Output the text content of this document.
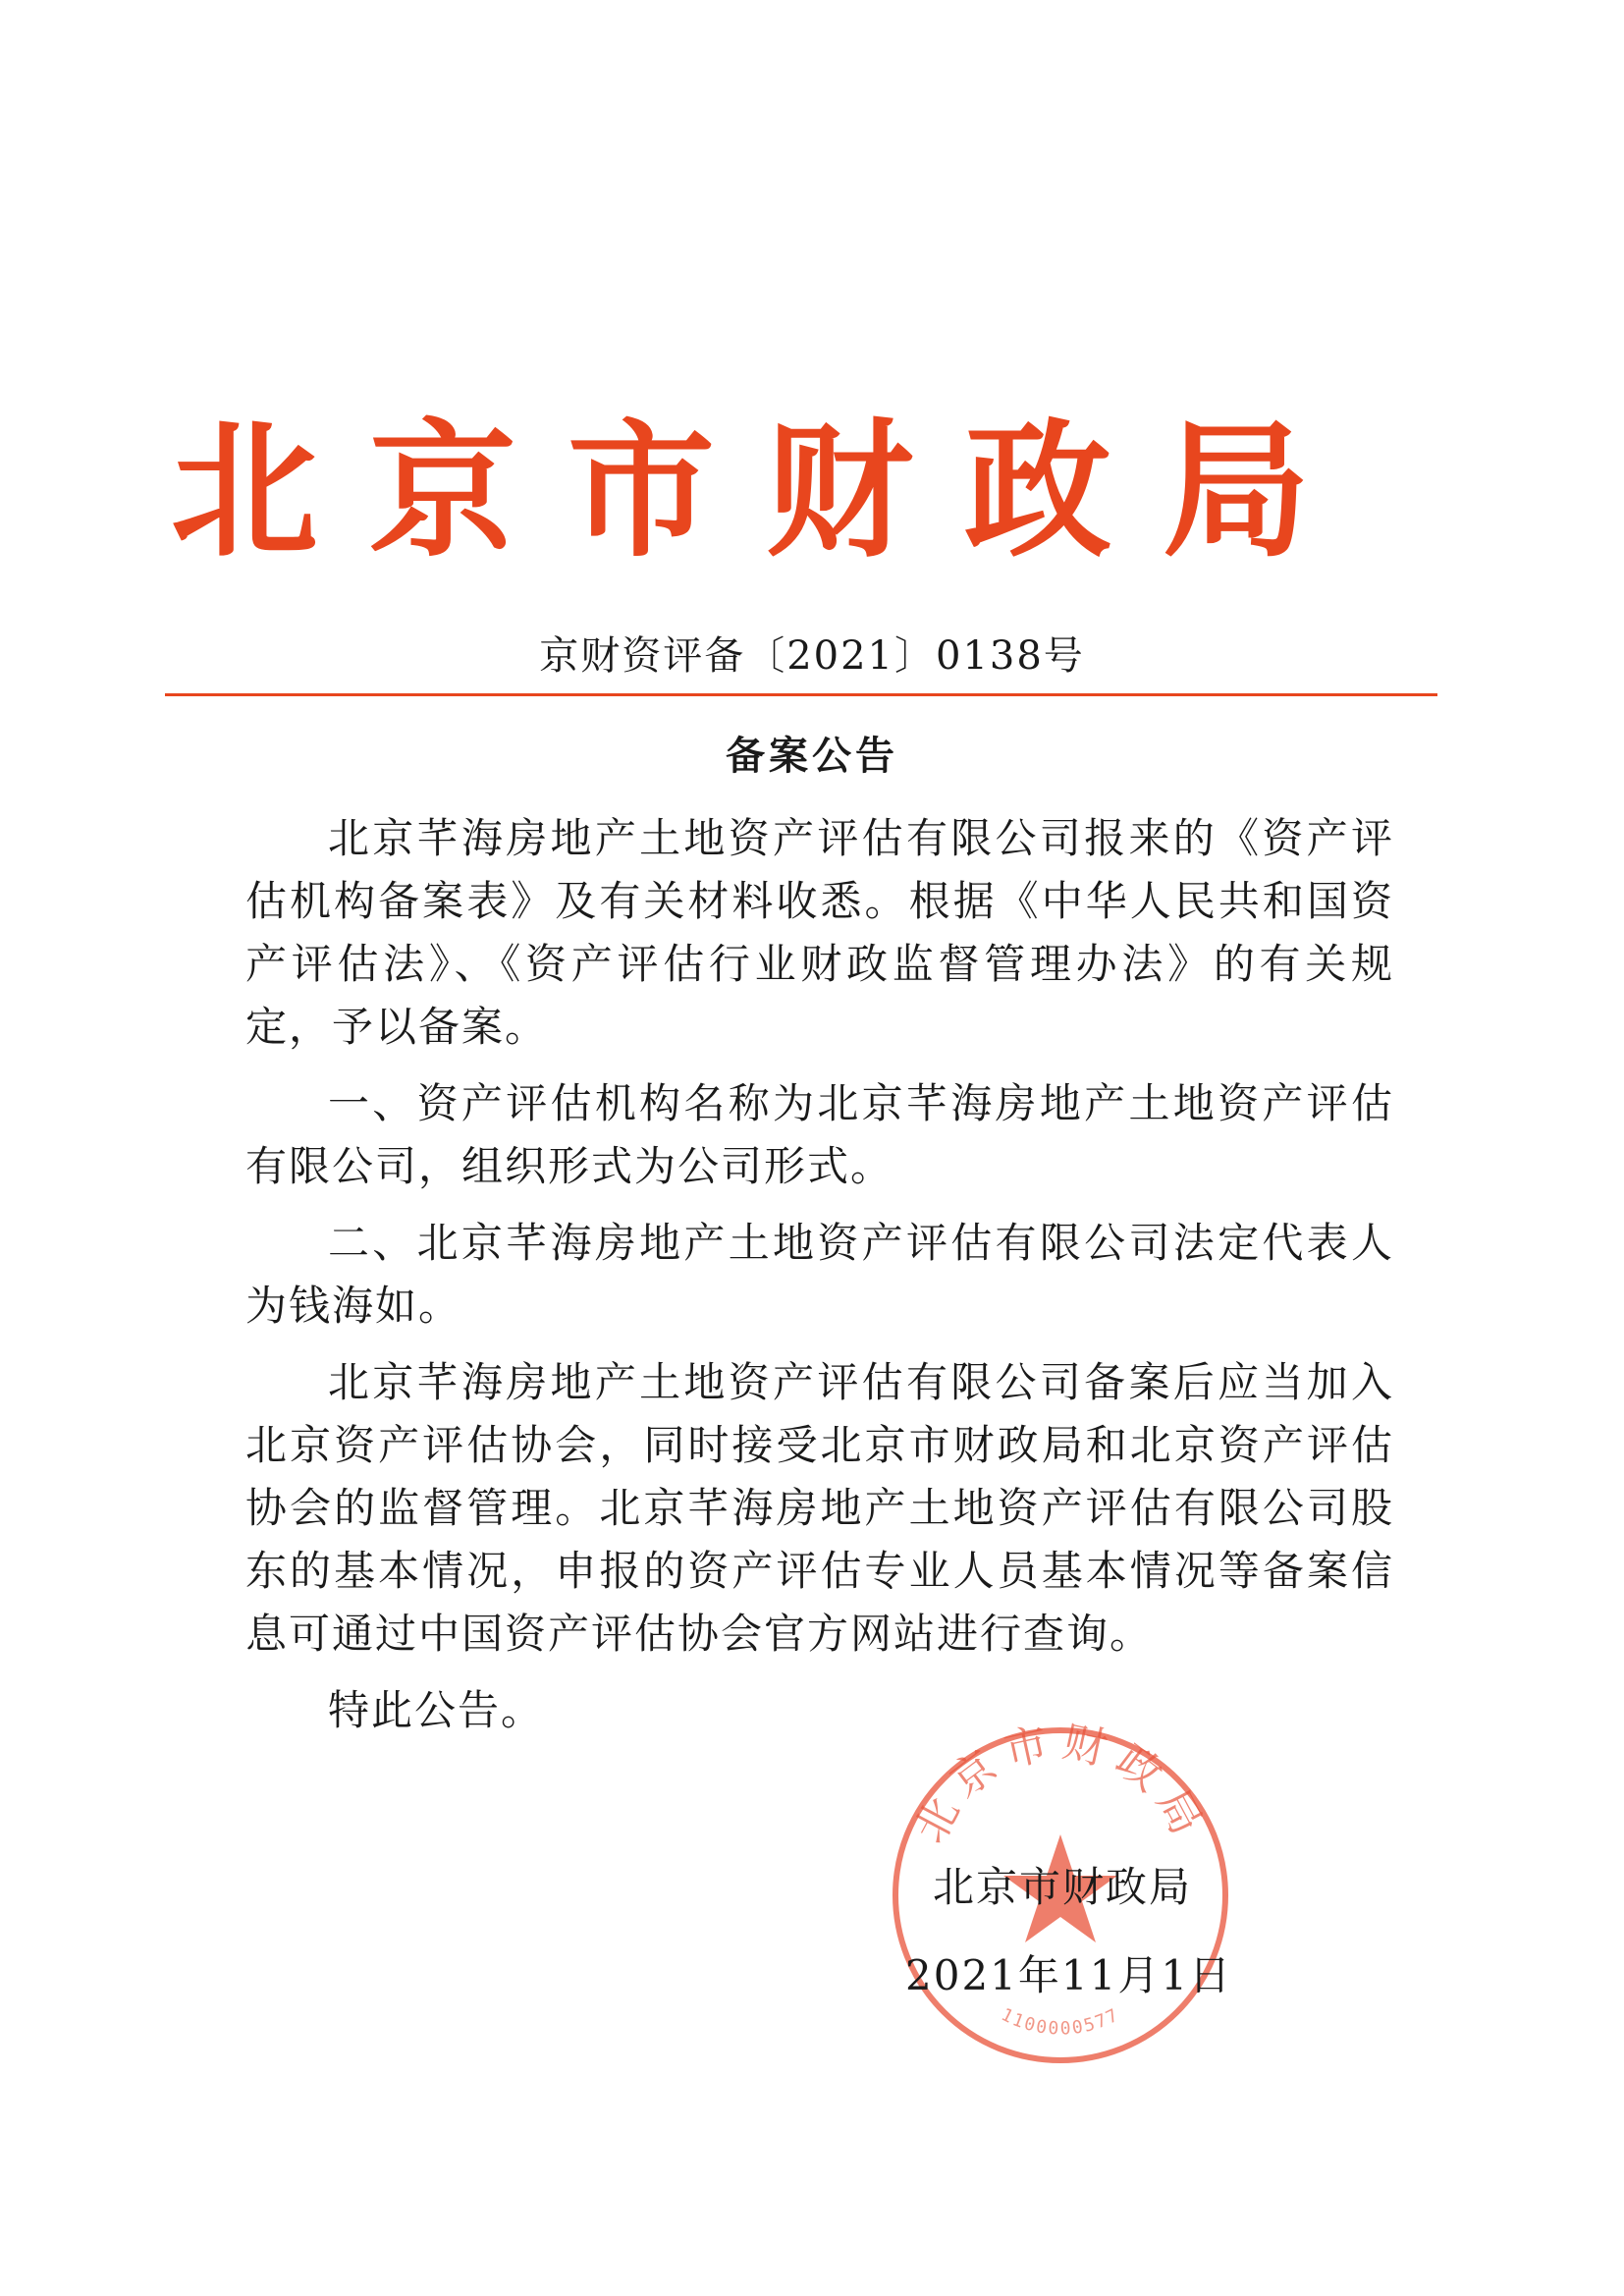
北京市财政局
京财资评备〔2021〕0138号
备案公告

北京芊海房地产土地资产评估有限公司报来的《资产评估机构备案表》及有关材料收悉。根据《中华人民共和国资产评估法》、《资产评估行业财政监督管理办法》的有关规定，予以备案。

一、资产评估机构名称为北京芊海房地产土地资产评估有限公司，组织形式为公司形式。

二、北京芊海房地产土地资产评估有限公司法定代表人为钱海如。

北京芊海房地产土地资产评估有限公司备案后应当加入北京资产评估协会，同时接受北京市财政局和北京资产评估协会的监督管理。北京芊海房地产土地资产评估有限公司股东的基本情况，申报的资产评估专业人员基本情况等备案信息可通过中国资产评估协会官方网站进行查询。

特此公告。

北京市财政局
1100000577
北京市财政局
2021年11月1日
